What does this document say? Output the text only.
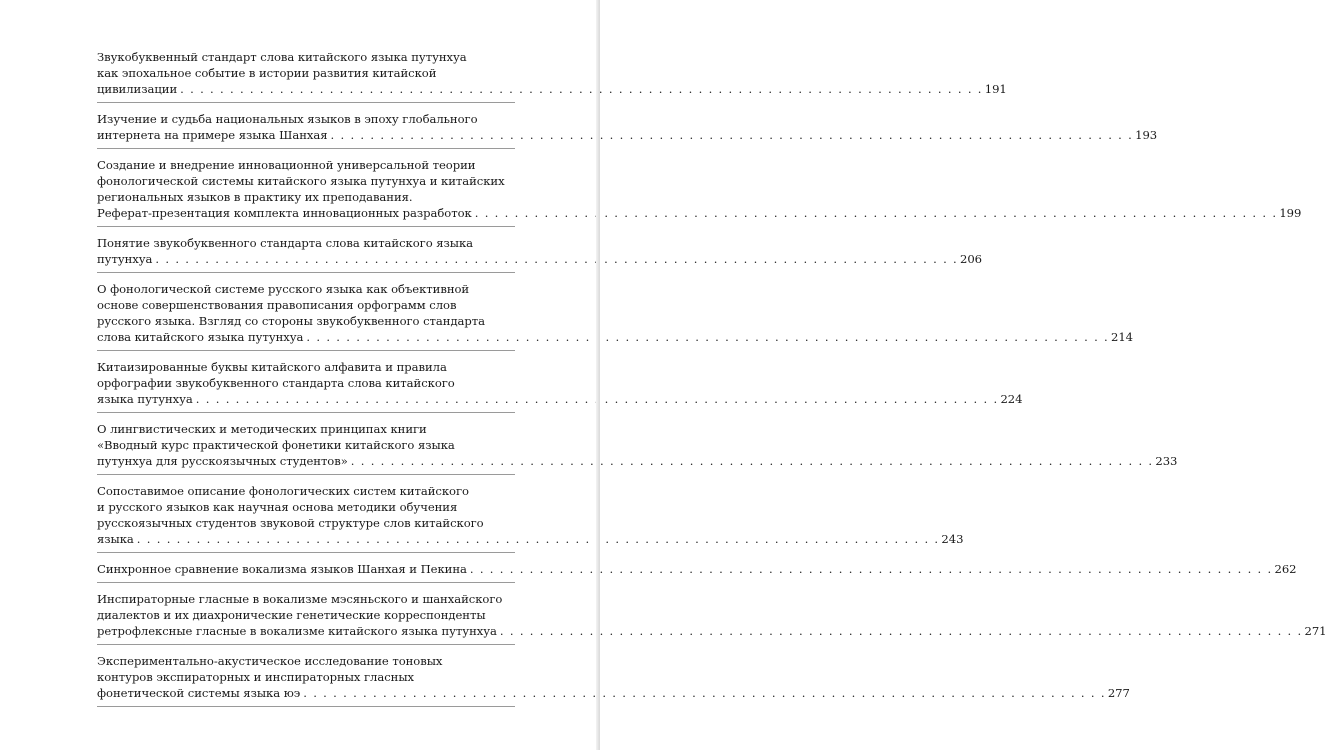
Звукобуквенный стандарт слова китайского языка путунхуа
как эпохальное событие в истории развития китайской
цивилизации . . .	191
Изучение и судьба национальных языков в эпоху глобального
интернета на примере языка Шанхая . . .	193
Создание и внедрение инновационной универсальной теории
фонологической системы китайского языка путунхуа и китайских
региональных языков в практику их преподавания.
Реферат-презентация комплекта инновационных разработок . . .	199
Понятие звукобуквенного стандарта слова китайского языка
путунхуа . . .	206
О фонологической системе русского языка как объективной
основе совершенствования правописания орфограмм слов
русского языка. Взгляд со стороны звукобуквенного стандарта
слова китайского языка путунхуа . . .	214
Китаизированные буквы китайского алфавита и правила
орфографии звукобуквенного стандарта слова китайского
языка путунхуа . . .	224
О лингвистических и методических принципах книги
«Вводный курс практической фонетики китайского языка
путунхуа для русскоязычных студентов» . . .	233
Сопоставимое описание фонологических систем китайского
и русского языков как научная основа методики обучения
русскоязычных студентов звуковой структуре слов китайского
языка . . .	243
Синхронное сравнение вокализма языков Шанхая и Пекина . . .	262
Инспираторные гласные в вокализме мэсяньского и шанхайского
диалектов и их диахронические генетические корреспонденты
ретрофлексные гласные в вокализме китайского языка путунхуа . . .	271
Экспериментально-акустическое исследование тоновых
контуров экспираторных и инспираторных гласных
фонетической системы языка юэ . . .	277
